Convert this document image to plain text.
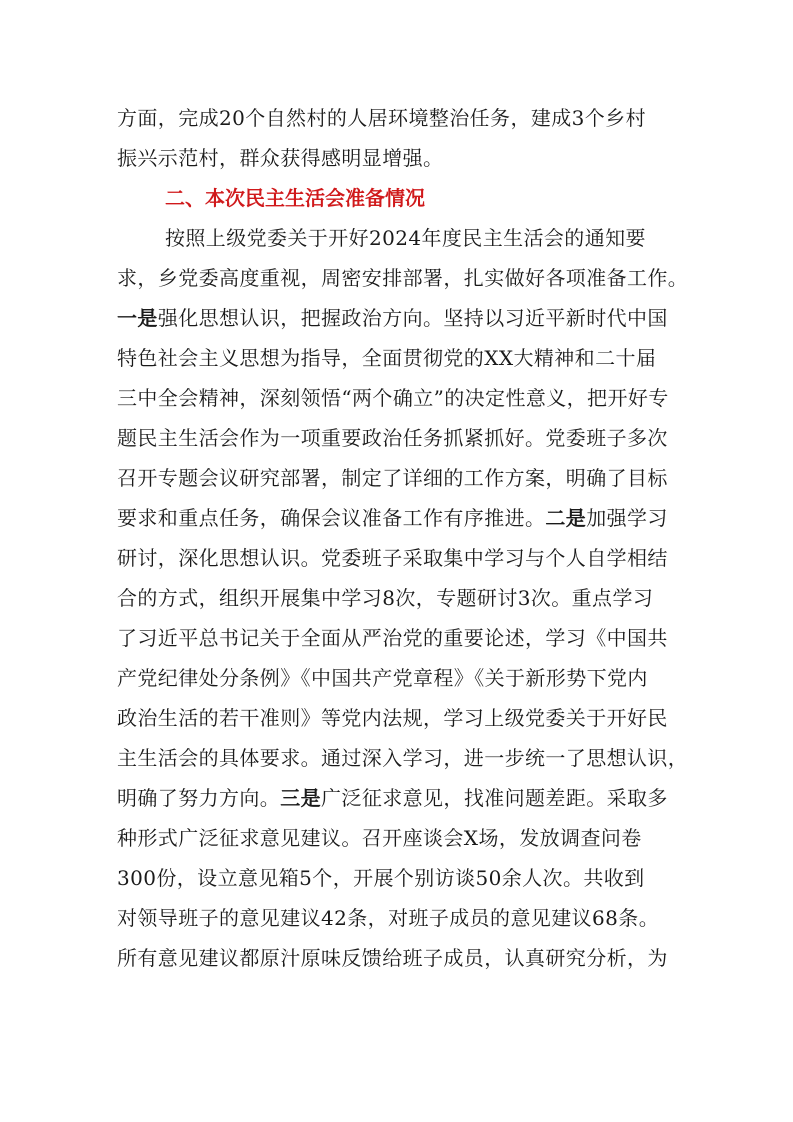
方面，完成20个自然村的人居环境整治任务，建成3个乡村
振兴示范村，群众获得感明显增强。
二、本次民主生活会准备情况
按照上级党委关于开好2024年度民主生活会的通知要
求，乡党委高度重视，周密安排部署，扎实做好各项准备工作。
一是强化思想认识，把握政治方向。坚持以习近平新时代中国
特色社会主义思想为指导，全面贯彻党的XX大精神和二十届
三中全会精神，深刻领悟“两个确立”的决定性意义，把开好专
题民主生活会作为一项重要政治任务抓紧抓好。党委班子多次
召开专题会议研究部署，制定了详细的工作方案，明确了目标
要求和重点任务，确保会议准备工作有序推进。二是加强学习
研讨，深化思想认识。党委班子采取集中学习与个人自学相结
合的方式，组织开展集中学习8次，专题研讨3次。重点学习
了习近平总书记关于全面从严治党的重要论述，学习《中国共
产党纪律处分条例》《中国共产党章程》《关于新形势下党内
政治生活的若干准则》等党内法规，学习上级党委关于开好民
主生活会的具体要求。通过深入学习，进一步统一了思想认识，
明确了努力方向。三是广泛征求意见，找准问题差距。采取多
种形式广泛征求意见建议。召开座谈会X场，发放调查问卷
300份，设立意见箱5个，开展个别访谈50余人次。共收到
对领导班子的意见建议42条，对班子成员的意见建议68条。
所有意见建议都原汁原味反馈给班子成员，认真研究分析，为
